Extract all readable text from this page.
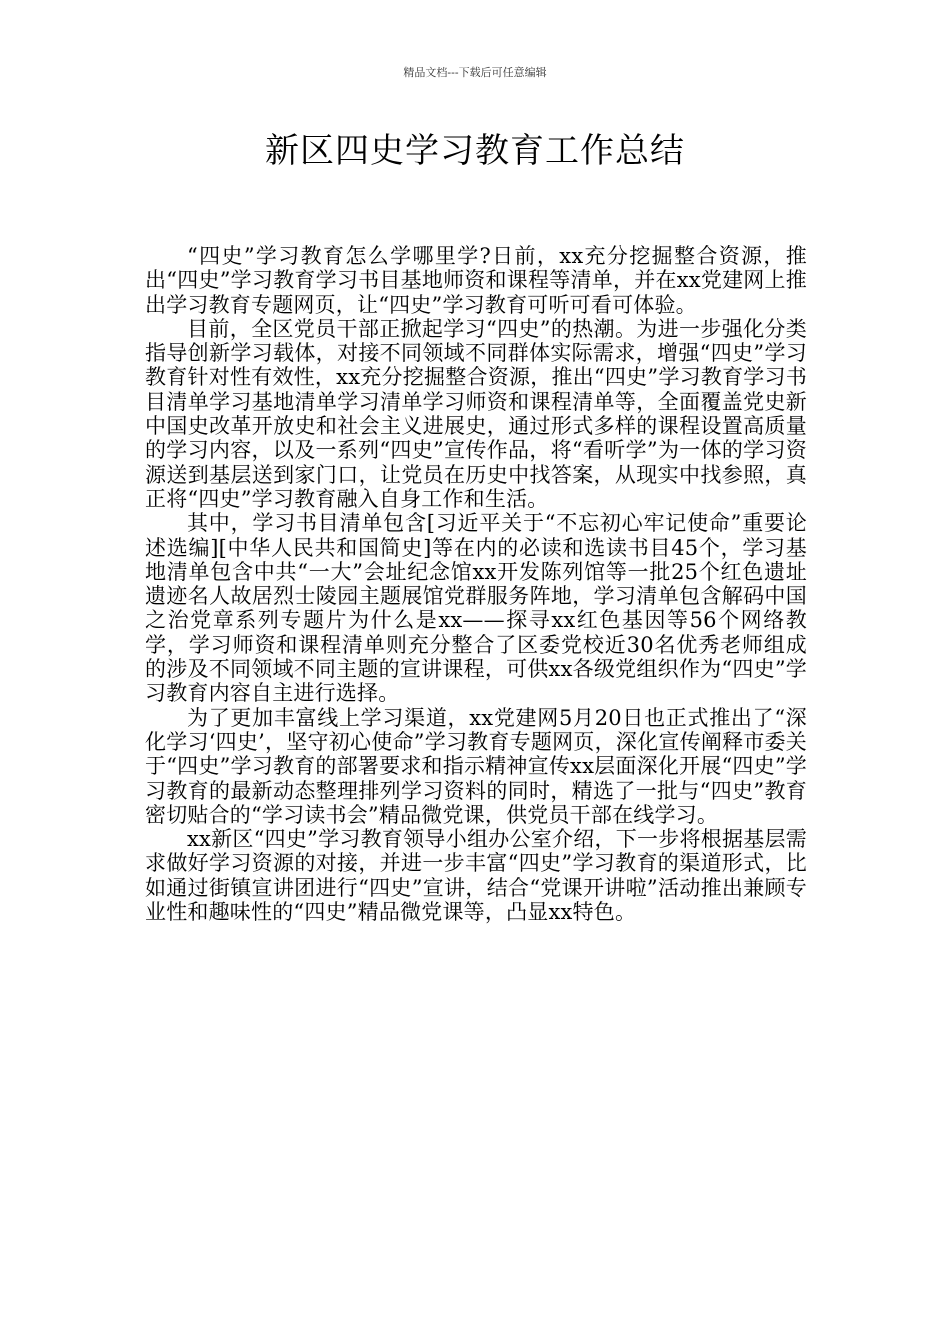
精品文档---下载后可任意编辑
新区四史学习教育工作总结

“四史”学习教育怎么学哪里学?日前，xx充分挖掘整合资源，推出“四史”学习教育学习书目基地师资和课程等清单，并在xx党建网上推出学习教育专题网页，让“四史”学习教育可听可看可体验。

目前，全区党员干部正掀起学习“四史”的热潮。为进一步强化分类指导创新学习载体，对接不同领域不同群体实际需求，增强“四史”学习教育针对性有效性，xx充分挖掘整合资源，推出“四史”学习教育学习书目清单学习基地清单学习清单学习师资和课程清单等，全面覆盖党史新中国史改革开放史和社会主义进展史，通过形式多样的课程设置高质量的学习内容，以及一系列“四史”宣传作品，将“看听学”为一体的学习资源送到基层送到家门口，让党员在历史中找答案，从现实中找参照，真正将“四史”学习教育融入自身工作和生活。

其中，学习书目清单包含[习近平关于“不忘初心牢记使命”重要论述选编][中华人民共和国简史]等在内的必读和选读书目45个，学习基地清单包含中共“一大”会址纪念馆xx开发陈列馆等一批25个红色遗址遗迹名人故居烈士陵园主题展馆党群服务阵地，学习清单包含解码中国之治党章系列专题片为什么是xx——探寻xx红色基因等56个网络教学，学习师资和课程清单则充分整合了区委党校近30名优秀老师组成的涉及不同领域不同主题的宣讲课程，可供xx各级党组织作为“四史”学习教育内容自主进行选择。

为了更加丰富线上学习渠道，xx党建网5月20日也正式推出了“深化学习‘四史’，坚守初心使命”学习教育专题网页，深化宣传阐释市委关于“四史”学习教育的部署要求和指示精神宣传xx层面深化开展“四史”学习教育的最新动态整理排列学习资料的同时，精选了一批与“四史”教育密切贴合的“学习读书会”精品微党课，供党员干部在线学习。

xx新区“四史”学习教育领导小组办公室介绍，下一步将根据基层需求做好学习资源的对接，并进一步丰富“四史”学习教育的渠道形式，比如通过街镇宣讲团进行“四史”宣讲，结合“党课开讲啦”活动推出兼顾专业性和趣味性的“四史”精品微党课等，凸显xx特色。
